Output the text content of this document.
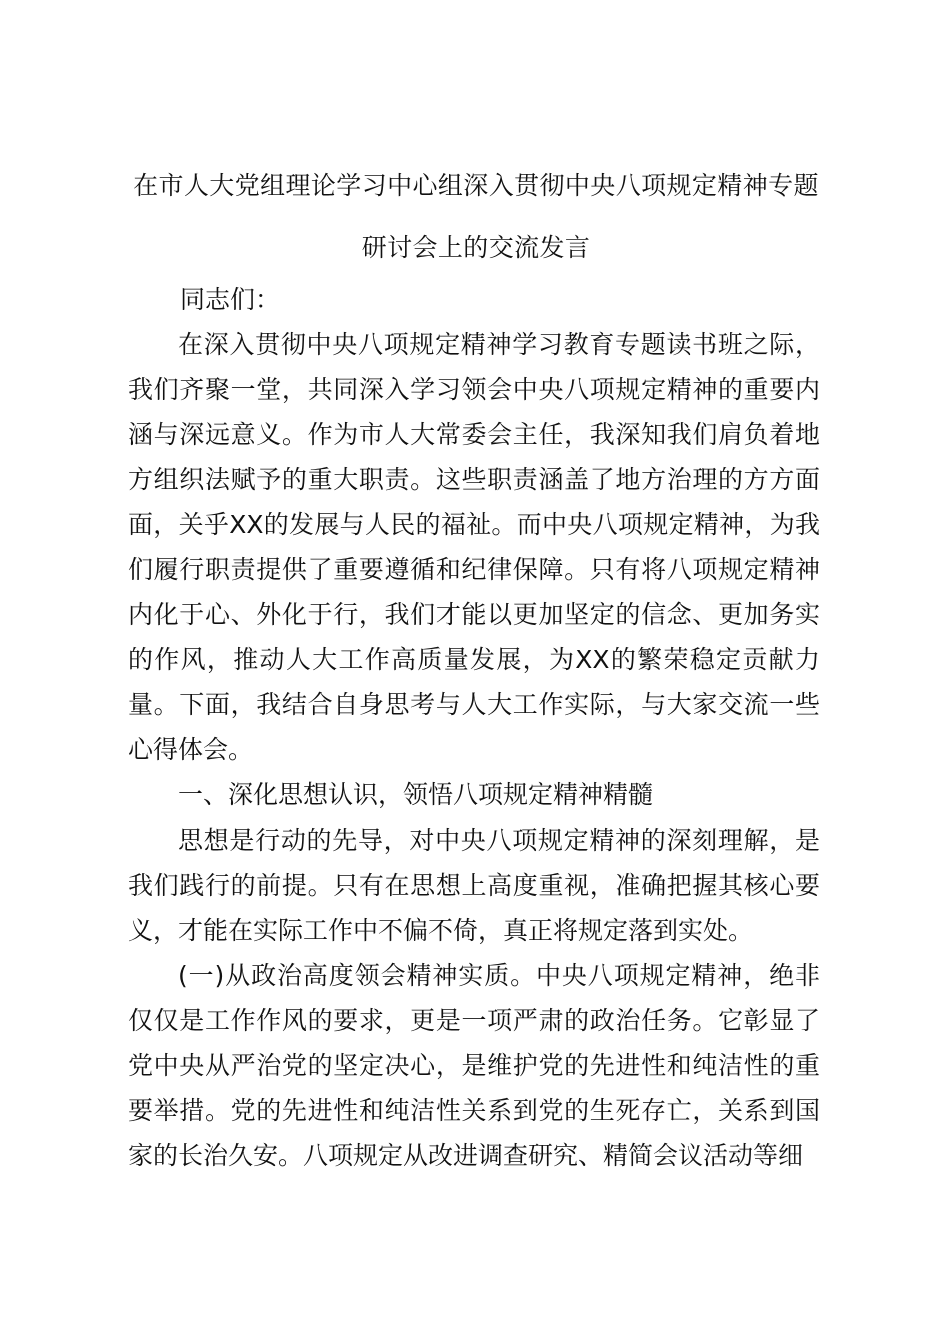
在市人大党组理论学习中心组深入贯彻中央八项规定精神专题
研讨会上的交流发言

同志们：

在深入贯彻中央八项规定精神学习教育专题读书班之际，我们齐聚一堂，共同深入学习领会中央八项规定精神的重要内涵与深远意义。作为市人大常委会主任，我深知我们肩负着地方组织法赋予的重大职责。这些职责涵盖了地方治理的方方面面，关乎XX的发展与人民的福祉。而中央八项规定精神，为我们履行职责提供了重要遵循和纪律保障。只有将八项规定精神内化于心、外化于行，我们才能以更加坚定的信念、更加务实的作风，推动人大工作高质量发展，为XX的繁荣稳定贡献力量。下面，我结合自身思考与人大工作实际，与大家交流一些心得体会。

一、深化思想认识，领悟八项规定精神精髓

思想是行动的先导，对中央八项规定精神的深刻理解，是我们践行的前提。只有在思想上高度重视，准确把握其核心要义，才能在实际工作中不偏不倚，真正将规定落到实处。

(一)从政治高度领会精神实质。中央八项规定精神，绝非仅仅是工作作风的要求，更是一项严肃的政治任务。它彰显了党中央从严治党的坚定决心，是维护党的先进性和纯洁性的重要举措。党的先进性和纯洁性关系到党的生死存亡，关系到国家的长治久安。八项规定从改进调查研究、精简会议活动等细
